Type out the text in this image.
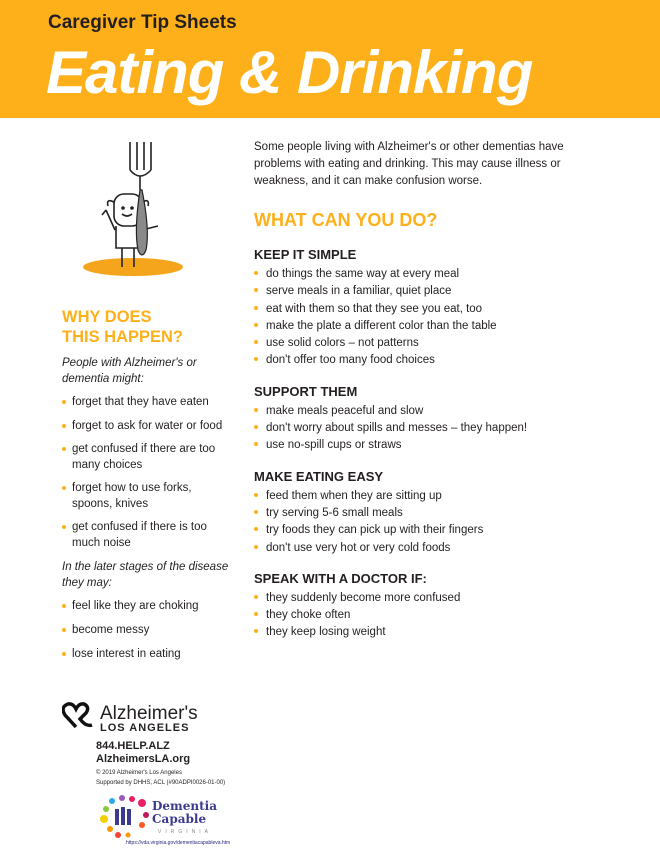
Caregiver Tip Sheets
Eating & Drinking
WHY DOES
THIS HAPPEN?
People with Alzheimer's or dementia might:
forget that they have eaten
forget to ask for water or food
get confused if there are too many choices
forget how to use forks, spoons, knives
get confused if there is too much noise
In the later stages of the disease they may:
feel like they are choking
become messy
lose interest in eating

Some people living with Alzheimer's or other dementias have problems with eating and drinking. This may cause illness or weakness, and it can make confusion worse.

WHAT CAN YOU DO?
KEEP IT SIMPLE
do things the same way at every meal
serve meals in a familiar, quiet place
eat with them so that they see you eat, too
make the plate a different color than the table
use solid colors – not patterns
don't offer too many food choices
SUPPORT THEM
make meals peaceful and slow
don't worry about spills and messes – they happen!
use no-spill cups or straws
MAKE EATING EASY
feed them when they are sitting up
try serving 5-6 small meals
try foods they can pick up with their fingers
don't use very hot or very cold foods
SPEAK WITH A DOCTOR IF:
they suddenly become more confused
they choke often
they keep losing weight
Alzheimer's
LOS ANGELES
844.HELP.ALZ
AlzheimersLA.org
© 2019 Alzheimer's Los Angeles
Supported by DHHS, ACL (#90ADPI0026-01-00)
Dementia
Capable
VIRGINIA
https://vda.virginia.gov/dementiacapableva.htm
